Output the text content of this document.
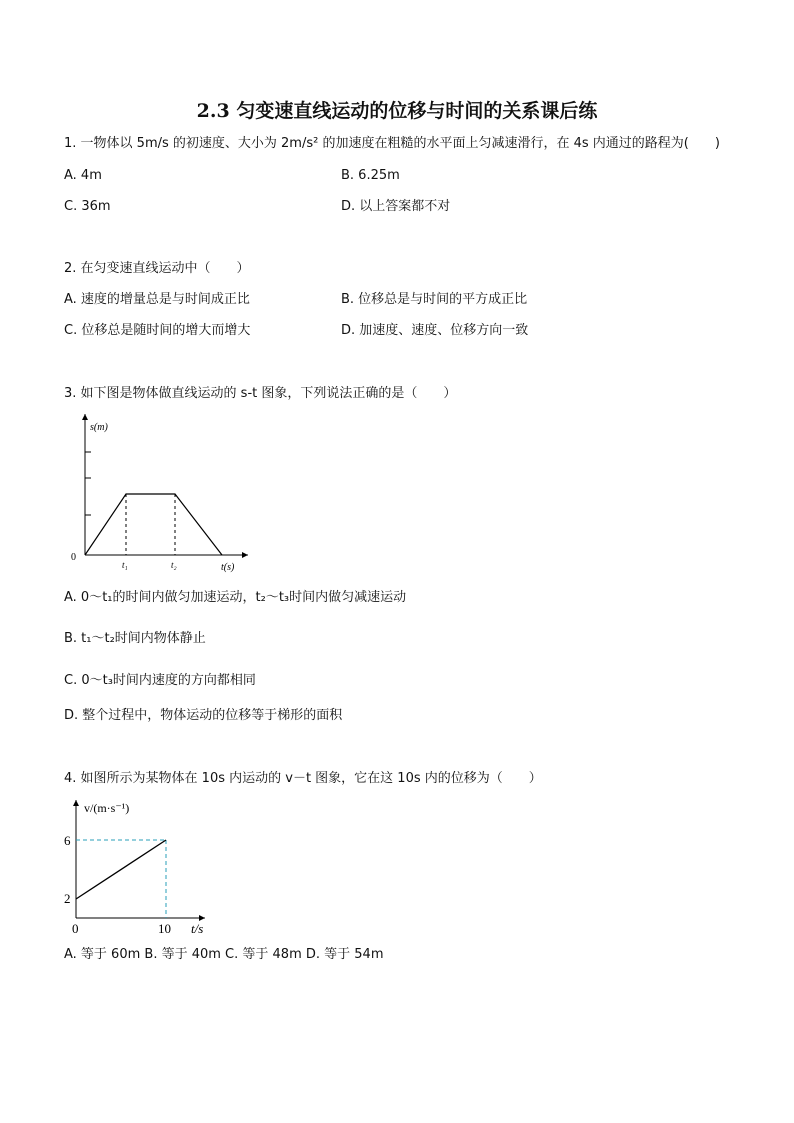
2.3 匀变速直线运动的位移与时间的关系课后练
1. 一物体以 5m/s 的初速度、大小为 2m/s² 的加速度在粗糙的水平面上匀减速滑行，在 4s 内通过的路程为(　　)
A. 4m	B. 6.25m
C. 36m	D. 以上答案都不对
2. 在匀变速直线运动中（　　）
A. 速度的增量总是与时间成正比	B. 位移总是与时间的平方成正比
C. 位移总是随时间的增大而增大	D. 加速度、速度、位移方向一致
3. 如下图是物体做直线运动的 s-t 图象，下列说法正确的是（　　）
s(m)
0
t₁	t₂	t(s)
A. 0～t₁的时间内做匀加速运动，t₂～t₃时间内做匀减速运动
B. t₁～t₂时间内物体静止
C. 0～t₃时间内速度的方向都相同
D. 整个过程中，物体运动的位移等于梯形的面积
4. 如图所示为某物体在 10s 内运动的 v－t 图象，它在这 10s 内的位移为（　　）
v/(m·s⁻¹)
6
2
0	10 t/s
A. 等于 60m B. 等于 40m C. 等于 48m D. 等于 54m
